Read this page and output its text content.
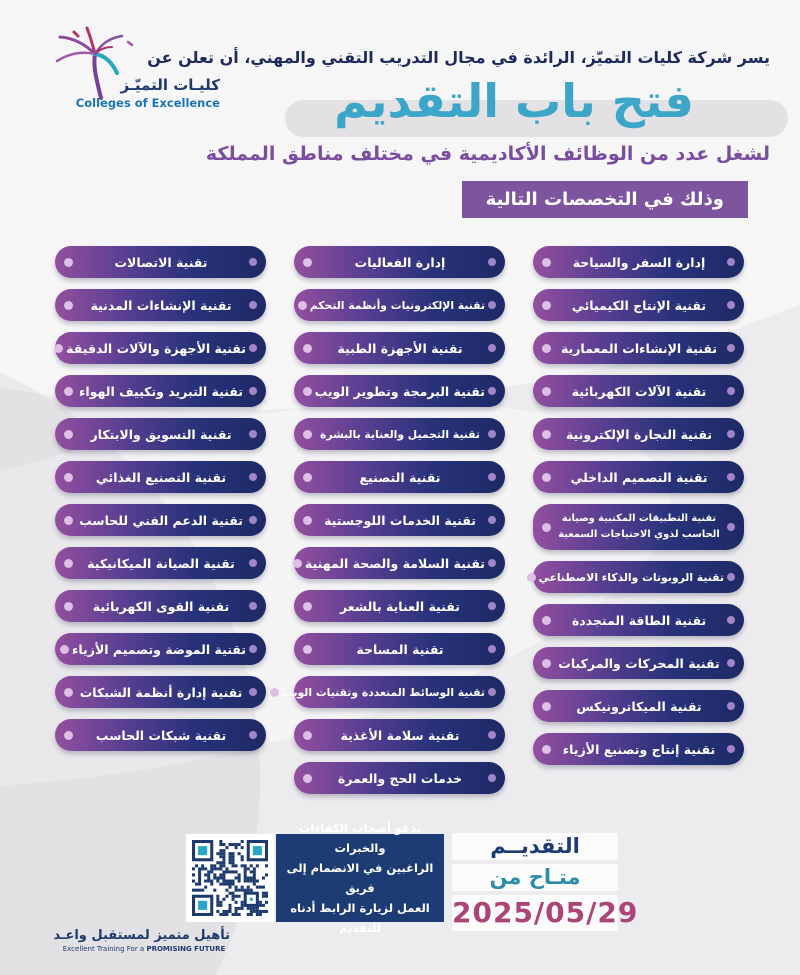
كليـات التميّـز
Colleges of Excellence
يسر شركة كليات التميّز، الرائدة في مجال التدريب التقني والمهني، أن تعلن عن
فتح باب التقديم
لشغل عدد من الوظائف الأكاديمية في مختلف مناطق المملكة
وذلك في التخصصات التالية
إدارة السفر والسياحة
تقنية الإنتاج الكيميائي
تقنية الإنشاءات المعمارية
تقنية الآلات الكهربائية
تقنية التجارة الإلكترونية
تقنية التصميم الداخلي
تقنية التطبيقات المكتبية وصيانة الحاسب لذوي الاحتياجات السمعية
تقنية الروبوتات والذكاء الاصطناعي
تقنية الطاقة المتجددة
تقنية المحركات والمركبات
تقنية الميكاترونيكس
تقنية إنتاج وتصنيع الأزياء
إدارة الفعاليات
تقنية الإلكترونيات وأنظمة التحكم
تقنية الأجهزة الطبية
تقنية البرمجة وتطوير الويب
تقنية التجميل والعناية بالبشرة
تقنية التصنيع
تقنية الخدمات اللوجستية
تقنية السلامة والصحة المهنية
تقنية العناية بالشعر
تقنية المساحة
تقنية الوسائط المتعددة وتقنيات الويب
تقنية سلامة الأغذية
خدمات الحج والعمرة
تقنية الاتصالات
تقنية الإنشاءات المدنية
تقنية الأجهزة والآلات الدقيقة
تقنية التبريد وتكييف الهواء
تقنية التسويق والابتكار
تقنية التصنيع الغذائي
تقنية الدعم الفني للحاسب
تقنية الصيانة الميكانيكية
تقنية القوى الكهربائية
تقنية الموضة وتصميم الأزياء
تقنية إدارة أنظمة الشبكات
تقنية شبكات الحاسب
ندعو أصحاب الكفاءات والخبرات
الراغبين في الانضمام إلى فريق
العمل لزيارة الرابط أدناه للتقديم
التقديــم
متـاح من
2025/05/29
تأهيل متميز لمستقبل واعـد
Excellent Training For a PROMISING FUTURE
